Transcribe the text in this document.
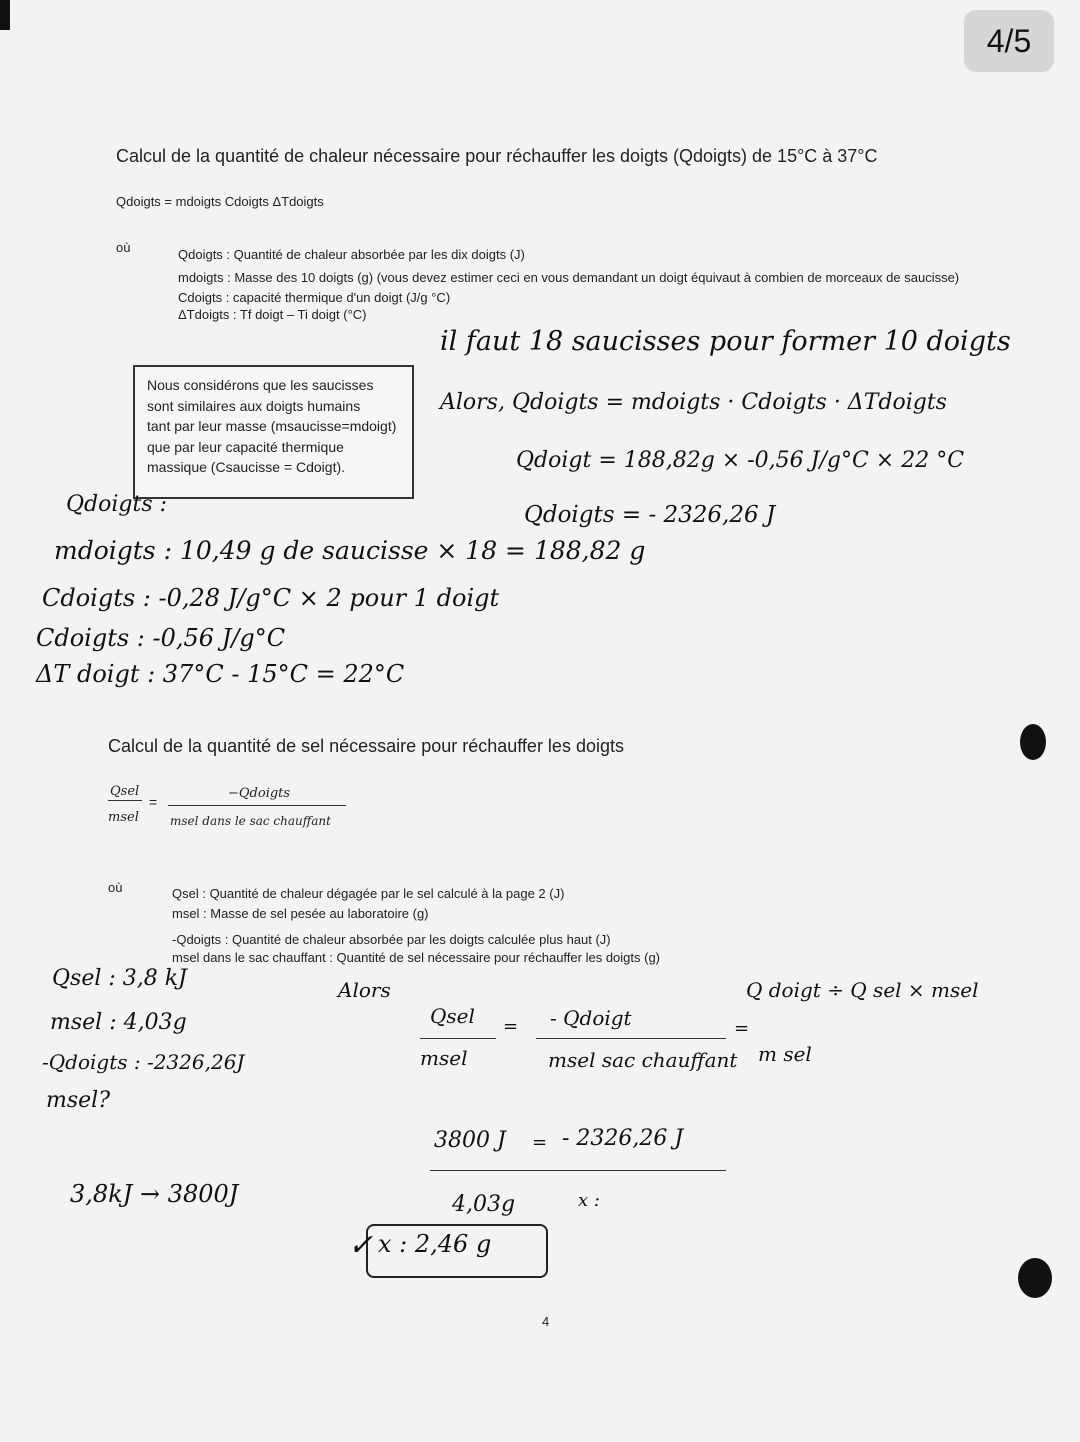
4/5
Calcul de la quantité de chaleur nécessaire pour réchauffer les doigts (Qdoigts) de 15°C à 37°C
Qdoigts = mdoigts Cdoigts ΔTdoigts
où	Qdoigts : Quantité de chaleur absorbée par les dix doigts (J)
mdoigts : Masse des 10 doigts (g) (vous devez estimer ceci en vous demandant un doigt équivaut à combien de morceaux de saucisse)
Cdoigts : capacité thermique d'un doigt (J/g °C)
ΔTdoigts : Tf doigt – Ti doigt (°C)
Nous considérons que les saucisses
sont similaires aux doigts humains
tant par leur masse (msaucisse=mdoigt)
que par leur capacité thermique
massique (Csaucisse = Cdoigt).
il faut 18 saucisses pour former 10 doigts
Alors, Qdoigts = mdoigts · Cdoigts · ΔTdoigts
Qdoigt = 188,82g × -0,56 J/g°C × 22 °C
Qdoigts = - 2326,26 J
Qdoigts :
mdoigts : 10,49 g de saucisse × 18 = 188,82 g
Cdoigts : -0,28 J/g°C × 2 pour 1 doigt
Cdoigts : -0,56 J/g°C
ΔT doigt : 37°C - 15°C = 22°C
Calcul de la quantité de sel nécessaire pour réchauffer les doigts
Qsel
msel
=
−Qdoigts
msel dans le sac chauffant
où	Qsel : Quantité de chaleur dégagée par le sel calculé à la page 2 (J)
msel : Masse de sel pesée au laboratoire (g)
-Qdoigts : Quantité de chaleur absorbée par les doigts calculée plus haut (J)
msel dans le sac chauffant : Quantité de sel nécessaire pour réchauffer les doigts (g)
Qsel : 3,8 kJ
msel : 4,03g
-Qdoigts : -2326,26J
msel?
Alors
3,8kJ → 3800J
Qsel
msel
= - Qdoigt
msel sac chauffant
=
Q doigt ÷ Q sel × msel
m sel
3800 J = - 2326,26 J
4,03g	x :
✓ x : 2,46 g
4
